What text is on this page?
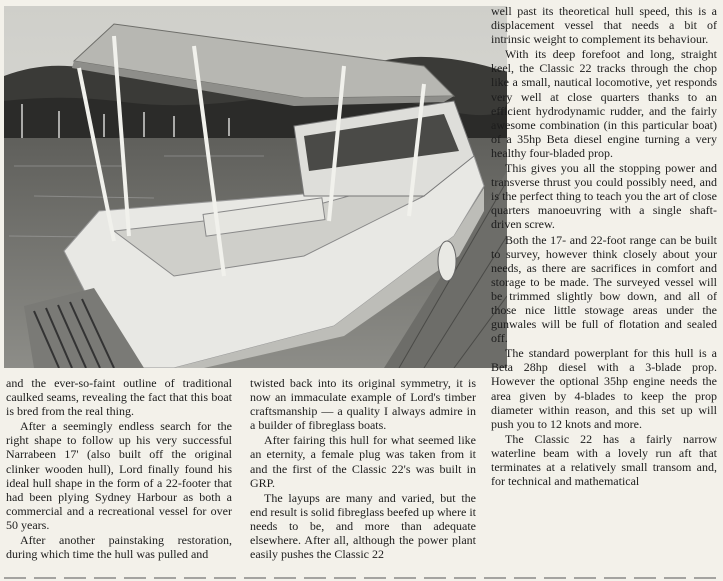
and the ever-so-faint outline of traditional caulked seams, revealing the fact that this boat is bred from the real thing.

After a seemingly endless search for the right shape to follow up his very successful Narrabeen 17' (also built off the original clinker wooden hull), Lord finally found his ideal hull shape in the form of a 22-footer that had been plying Sydney Harbour as both a commercial and a recreational vessel for over 50 years.

After another painstaking restoration, during which time the hull was pulled and

twisted back into its original symmetry, it is now an immaculate example of Lord's timber craftsmanship — a quality I always admire in a builder of fibreglass boats.

After fairing this hull for what seemed like an eternity, a female plug was taken from it and the first of the Classic 22's was built in GRP.

The layups are many and varied, but the end result is solid fibreglass beefed up where it needs to be, and more than adequate elsewhere. After all, although the power plant easily pushes the Classic 22

well past its theoretical hull speed, this is a displacement vessel that needs a bit of intrinsic weight to complement its behaviour.

With its deep forefoot and long, straight keel, the Classic 22 tracks through the chop like a small, nautical locomotive, yet responds very well at close quarters thanks to an efficient hydrodynamic rudder, and the fairly awesome combination (in this particular boat) of a 35hp Beta diesel engine turning a very healthy four-bladed prop.

This gives you all the stopping power and transverse thrust you could possibly need, and is the perfect thing to teach you the art of close quarters manoeuvring with a single shaft-driven screw.

Both the 17- and 22-foot range can be built to survey, however think closely about your needs, as there are sacrifices in comfort and storage to be made. The surveyed vessel will be trimmed slightly bow down, and all of those nice little stowage areas under the gunwales will be full of flotation and sealed off.

The standard powerplant for this hull is a Beta 28hp diesel with a 3-blade prop. However the optional 35hp engine needs the area given by 4-blades to keep the prop diameter within reason, and this set up will push you to 12 knots and more.

The Classic 22 has a fairly narrow waterline beam with a lovely run aft that terminates at a relatively small transom and, for technical and mathematical
